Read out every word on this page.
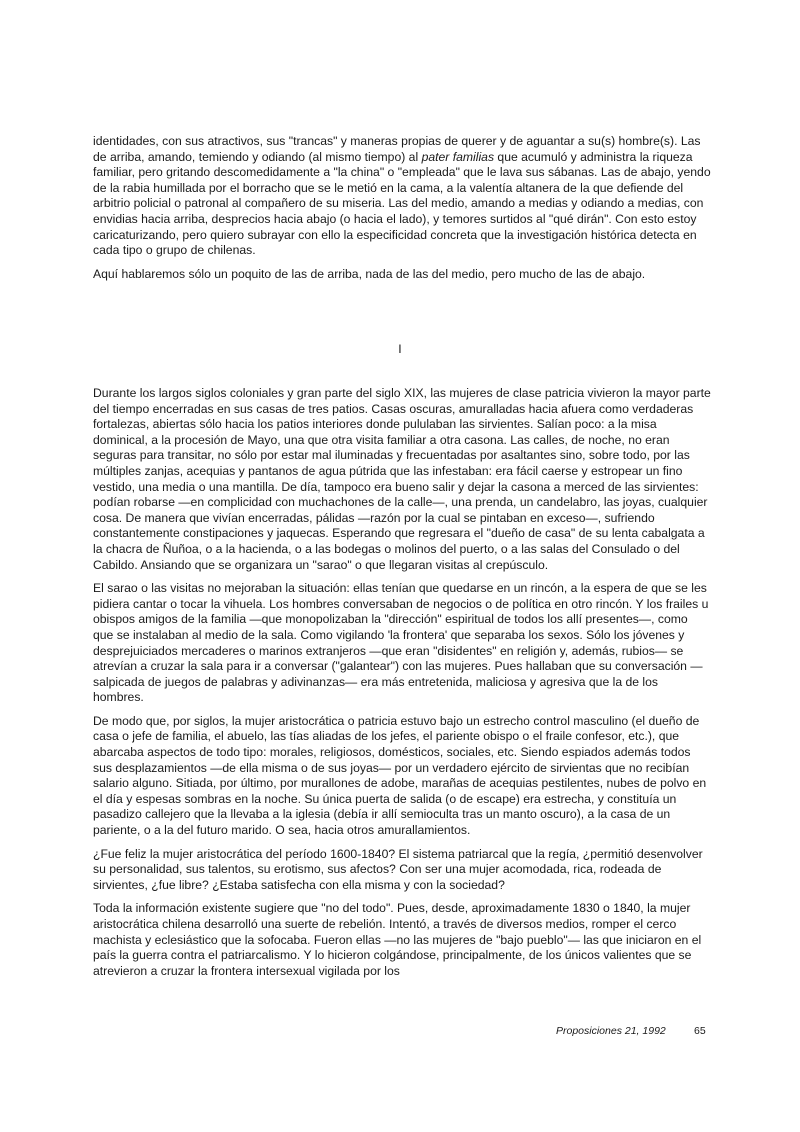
identidades, con sus atractivos, sus "trancas" y maneras propias de querer y de aguantar a su(s) hombre(s). Las de arriba, amando, temiendo y odiando (al mismo tiempo) al pater familias que acumuló y administra la riqueza familiar, pero gritando descomedidamente a "la china" o "empleada" que le lava sus sábanas. Las de abajo, yendo de la rabia humillada por el borracho que se le metió en la cama, a la valentía altanera de la que defiende del arbitrio policial o patronal al compañero de su miseria. Las del medio, amando a medias y odiando a medias, con envidias hacia arriba, desprecios hacia abajo (o hacia el lado), y temores surtidos al "qué dirán". Con esto estoy caricaturizando, pero quiero subrayar con ello la especificidad concreta que la investigación histórica detecta en cada tipo o grupo de chilenas.

Aquí hablaremos sólo un poquito de las de arriba, nada de las del medio, pero mucho de las de abajo.

I

Durante los largos siglos coloniales y gran parte del siglo XIX, las mujeres de clase patricia vivieron la mayor parte del tiempo encerradas en sus casas de tres patios. Casas oscuras, amuralladas hacia afuera como verdaderas fortalezas, abiertas sólo hacia los patios interiores donde pululaban las sirvientes. Salían poco: a la misa dominical, a la procesión de Mayo, una que otra visita familiar a otra casona. Las calles, de noche, no eran seguras para transitar, no sólo por estar mal iluminadas y frecuentadas por asaltantes sino, sobre todo, por las múltiples zanjas, acequias y pantanos de agua pútrida que las infestaban: era fácil caerse y estropear un fino vestido, una media o una mantilla. De día, tampoco era bueno salir y dejar la casona a merced de las sirvientes: podían robarse —en complicidad con muchachones de la calle—, una prenda, un candelabro, las joyas, cualquier cosa. De manera que vivían encerradas, pálidas —razón por la cual se pintaban en exceso—, sufriendo constantemente constipaciones y jaquecas. Esperando que regresara el "dueño de casa" de su lenta cabalgata a la chacra de Ñuñoa, o a la hacienda, o a las bodegas o molinos del puerto, o a las salas del Consulado o del Cabildo. Ansiando que se organizara un "sarao" o que llegaran visitas al crepúsculo.

El sarao o las visitas no mejoraban la situación: ellas tenían que quedarse en un rincón, a la espera de que se les pidiera cantar o tocar la vihuela. Los hombres conversaban de negocios o de política en otro rincón. Y los frailes u obispos amigos de la familia —que monopolizaban la "dirección" espiritual de todos los allí presentes—, como que se instalaban al medio de la sala. Como vigilando 'la frontera' que separaba los sexos. Sólo los jóvenes y desprejuiciados mercaderes o marinos extranjeros —que eran "disidentes" en religión y, además, rubios— se atrevían a cruzar la sala para ir a conversar ("galantear") con las mujeres. Pues hallaban que su conversación —salpicada de juegos de palabras y adivinanzas— era más entretenida, maliciosa y agresiva que la de los hombres.

De modo que, por siglos, la mujer aristocrática o patricia estuvo bajo un estrecho control masculino (el dueño de casa o jefe de familia, el abuelo, las tías aliadas de los jefes, el pariente obispo o el fraile confesor, etc.), que abarcaba aspectos de todo tipo: morales, religiosos, domésticos, sociales, etc. Siendo espiados además todos sus desplazamientos —de ella misma o de sus joyas— por un verdadero ejército de sirvientas que no recibían salario alguno. Sitiada, por último, por murallones de adobe, marañas de acequias pestilentes, nubes de polvo en el día y espesas sombras en la noche. Su única puerta de salida (o de escape) era estrecha, y constituía un pasadizo callejero que la llevaba a la iglesia (debía ir allí semioculta tras un manto oscuro), a la casa de un pariente, o a la del futuro marido. O sea, hacia otros amurallamientos.

¿Fue feliz la mujer aristocrática del período 1600-1840? El sistema patriarcal que la regía, ¿permitió desenvolver su personalidad, sus talentos, su erotismo, sus afectos? Con ser una mujer acomodada, rica, rodeada de sirvientes, ¿fue libre? ¿Estaba satisfecha con ella misma y con la sociedad?

Toda la información existente sugiere que "no del todo". Pues, desde, aproximadamente 1830 o 1840, la mujer aristocrática chilena desarrolló una suerte de rebelión. Intentó, a través de diversos medios, romper el cerco machista y eclesiástico que la sofocaba. Fueron ellas —no las mujeres de "bajo pueblo"— las que iniciaron en el país la guerra contra el patriarcalismo. Y lo hicieron colgándose, principalmente, de los únicos valientes que se atrevieron a cruzar la frontera intersexual vigilada por los

Proposiciones 21, 1992	65
